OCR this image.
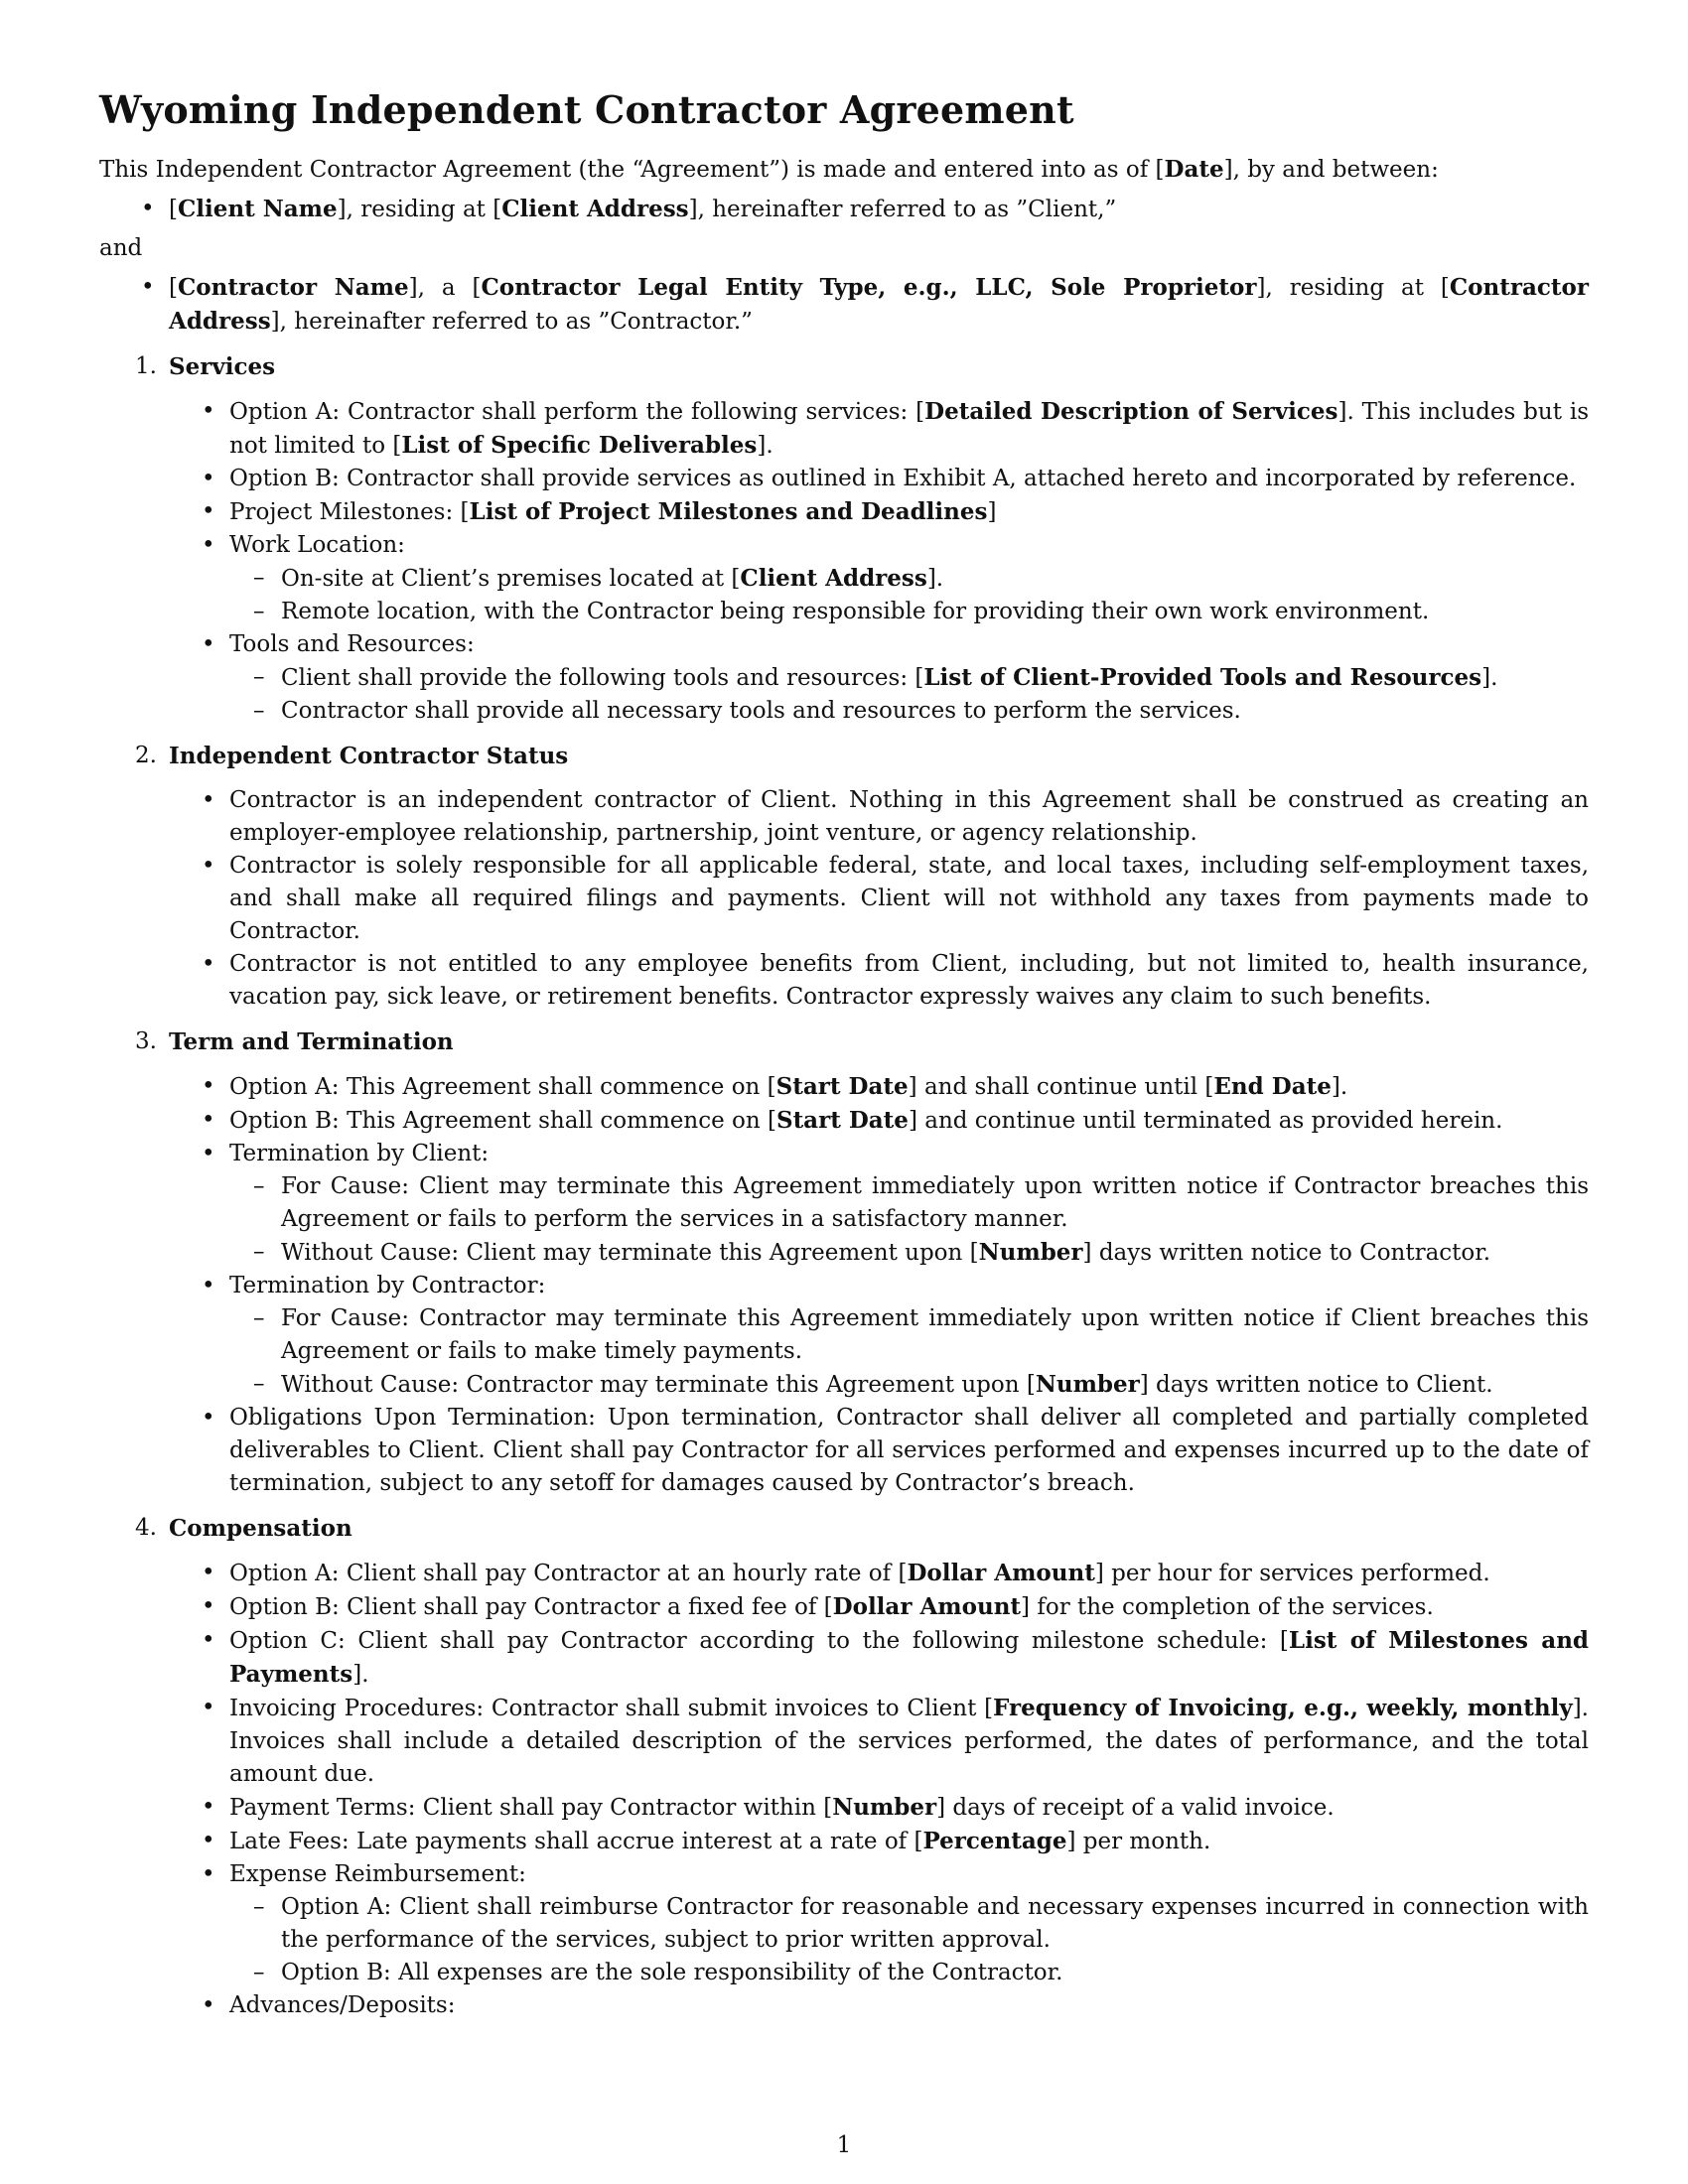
Wyoming Independent Contractor Agreement
This Independent Contractor Agreement (the “Agreement”) is made and entered into as of [Date], by and between:
• [Client Name], residing at [Client Address], hereinafter referred to as ”Client,”
and
• [Contractor Name], a [Contractor Legal Entity Type, e.g., LLC, Sole Proprietor], residing at [Contractor Address], hereinafter referred to as ”Contractor.”
1. Services
• Option A: Contractor shall perform the following services: [Detailed Description of Services]. This includes but is not limited to [List of Specific Deliverables].
• Option B: Contractor shall provide services as outlined in Exhibit A, attached hereto and incorporated by reference.
• Project Milestones: [List of Project Milestones and Deadlines]
• Work Location:
– On-site at Client’s premises located at [Client Address].
– Remote location, with the Contractor being responsible for providing their own work environment.
• Tools and Resources:
– Client shall provide the following tools and resources: [List of Client-Provided Tools and Resources].
– Contractor shall provide all necessary tools and resources to perform the services.
2. Independent Contractor Status
• Contractor is an independent contractor of Client. Nothing in this Agreement shall be construed as creating an employer-employee relationship, partnership, joint venture, or agency relationship.
• Contractor is solely responsible for all applicable federal, state, and local taxes, including self-employment taxes, and shall make all required filings and payments. Client will not withhold any taxes from payments made to Contractor.
• Contractor is not entitled to any employee benefits from Client, including, but not limited to, health insurance, vacation pay, sick leave, or retirement benefits. Contractor expressly waives any claim to such benefits.
3. Term and Termination
• Option A: This Agreement shall commence on [Start Date] and shall continue until [End Date].
• Option B: This Agreement shall commence on [Start Date] and continue until terminated as provided herein.
• Termination by Client:
– For Cause: Client may terminate this Agreement immediately upon written notice if Contractor breaches this Agreement or fails to perform the services in a satisfactory manner.
– Without Cause: Client may terminate this Agreement upon [Number] days written notice to Contractor.
• Termination by Contractor:
– For Cause: Contractor may terminate this Agreement immediately upon written notice if Client breaches this Agreement or fails to make timely payments.
– Without Cause: Contractor may terminate this Agreement upon [Number] days written notice to Client.
• Obligations Upon Termination: Upon termination, Contractor shall deliver all completed and partially completed deliverables to Client. Client shall pay Contractor for all services performed and expenses incurred up to the date of termination, subject to any setoff for damages caused by Contractor’s breach.
4. Compensation
• Option A: Client shall pay Contractor at an hourly rate of [Dollar Amount] per hour for services performed.
• Option B: Client shall pay Contractor a fixed fee of [Dollar Amount] for the completion of the services.
• Option C: Client shall pay Contractor according to the following milestone schedule: [List of Milestones and Payments].
• Invoicing Procedures: Contractor shall submit invoices to Client [Frequency of Invoicing, e.g., weekly, monthly]. Invoices shall include a detailed description of the services performed, the dates of performance, and the total amount due.
• Payment Terms: Client shall pay Contractor within [Number] days of receipt of a valid invoice.
• Late Fees: Late payments shall accrue interest at a rate of [Percentage] per month.
• Expense Reimbursement:
– Option A: Client shall reimburse Contractor for reasonable and necessary expenses incurred in connection with the performance of the services, subject to prior written approval.
– Option B: All expenses are the sole responsibility of the Contractor.
• Advances/Deposits:
1
